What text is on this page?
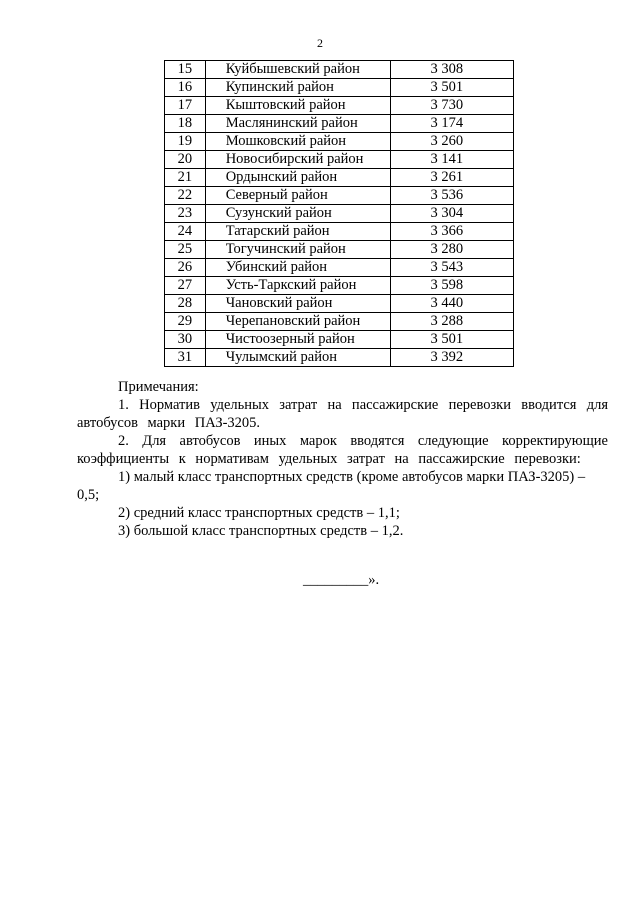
2
15	Куйбышевский район	3 308
16	Купинский район	3 501
17	Кыштовский район	3 730
18	Маслянинский район	3 174
19	Мошковский район	3 260
20	Новосибирский район	3 141
21	Ордынский район	3 261
22	Северный район	3 536
23	Сузунский район	3 304
24	Татарский район	3 366
25	Тогучинский район	3 280
26	Убинский район	3 543
27	Усть-Таркский район	3 598
28	Чановский район	3 440
29	Черепановский район	3 288
30	Чистоозерный район	3 501
31	Чулымский район	3 392

Примечания:

1. Норматив удельных затрат на пассажирские перевозки вводится для автобусов марки ПАЗ-3205.

2. Для автобусов иных марок вводятся следующие корректирующие коэффициенты к нормативам удельных затрат на пассажирские перевозки:

1) малый класс транспортных средств (кроме автобусов марки ПАЗ-3205) – 0,5;

2) средний класс транспортных средств – 1,1;

3) большой класс транспортных средств – 1,2.

_________».
